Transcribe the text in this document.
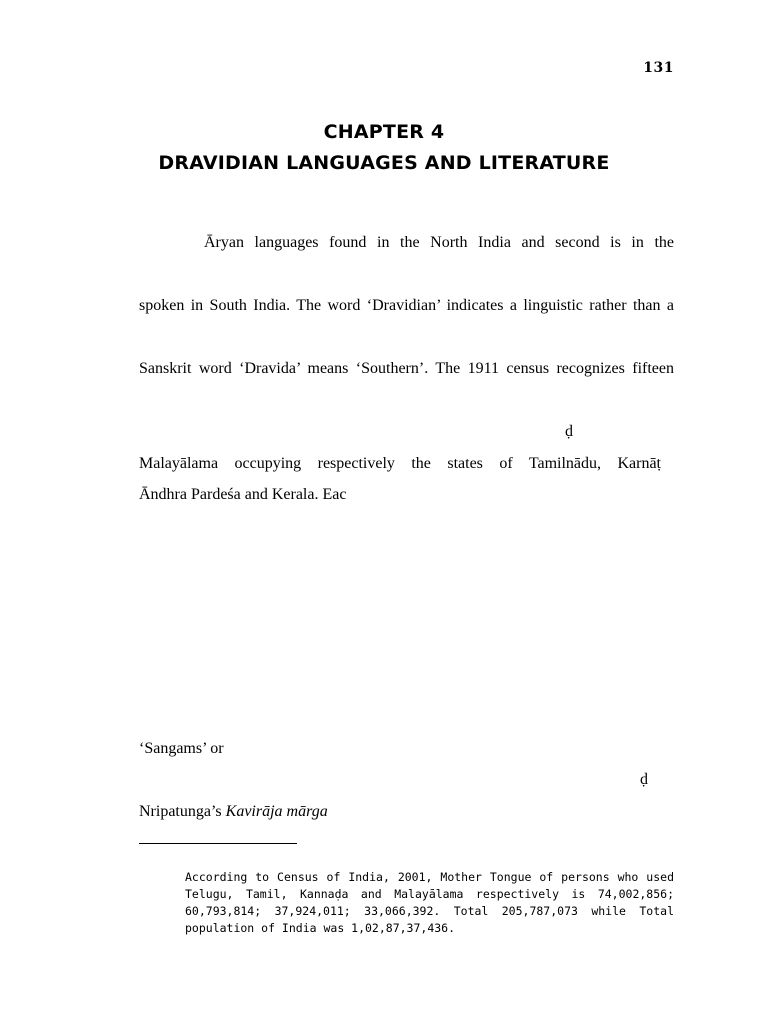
131
CHAPTER 4
DRAVIDIAN LANGUAGES AND LITERATURE
Āryan languages found in the North India and second is in the
spoken in South India. The word ‘Dravidian’ indicates a linguistic rather than a
Sanskrit word ‘Dravida’ means ‘Southern’. The 1911 census recognizes fifteen
ḍ
Malayālama occupying respectively the states of Tamilnādu, Karnāṭ
Āndhra Pardeśa and Kerala. Eac
‘Sangams’ or
ḍ
Nripatunga’s Kavirāja mārga
According to Census of India, 2001, Mother Tongue of persons who used
Telugu, Tamil, Kannaḍa and Malayālama respectively is 74,002,856;
60,793,814; 37,924,011; 33,066,392. Total 205,787,073 while Total
population of India was 1,02,87,37,436.
